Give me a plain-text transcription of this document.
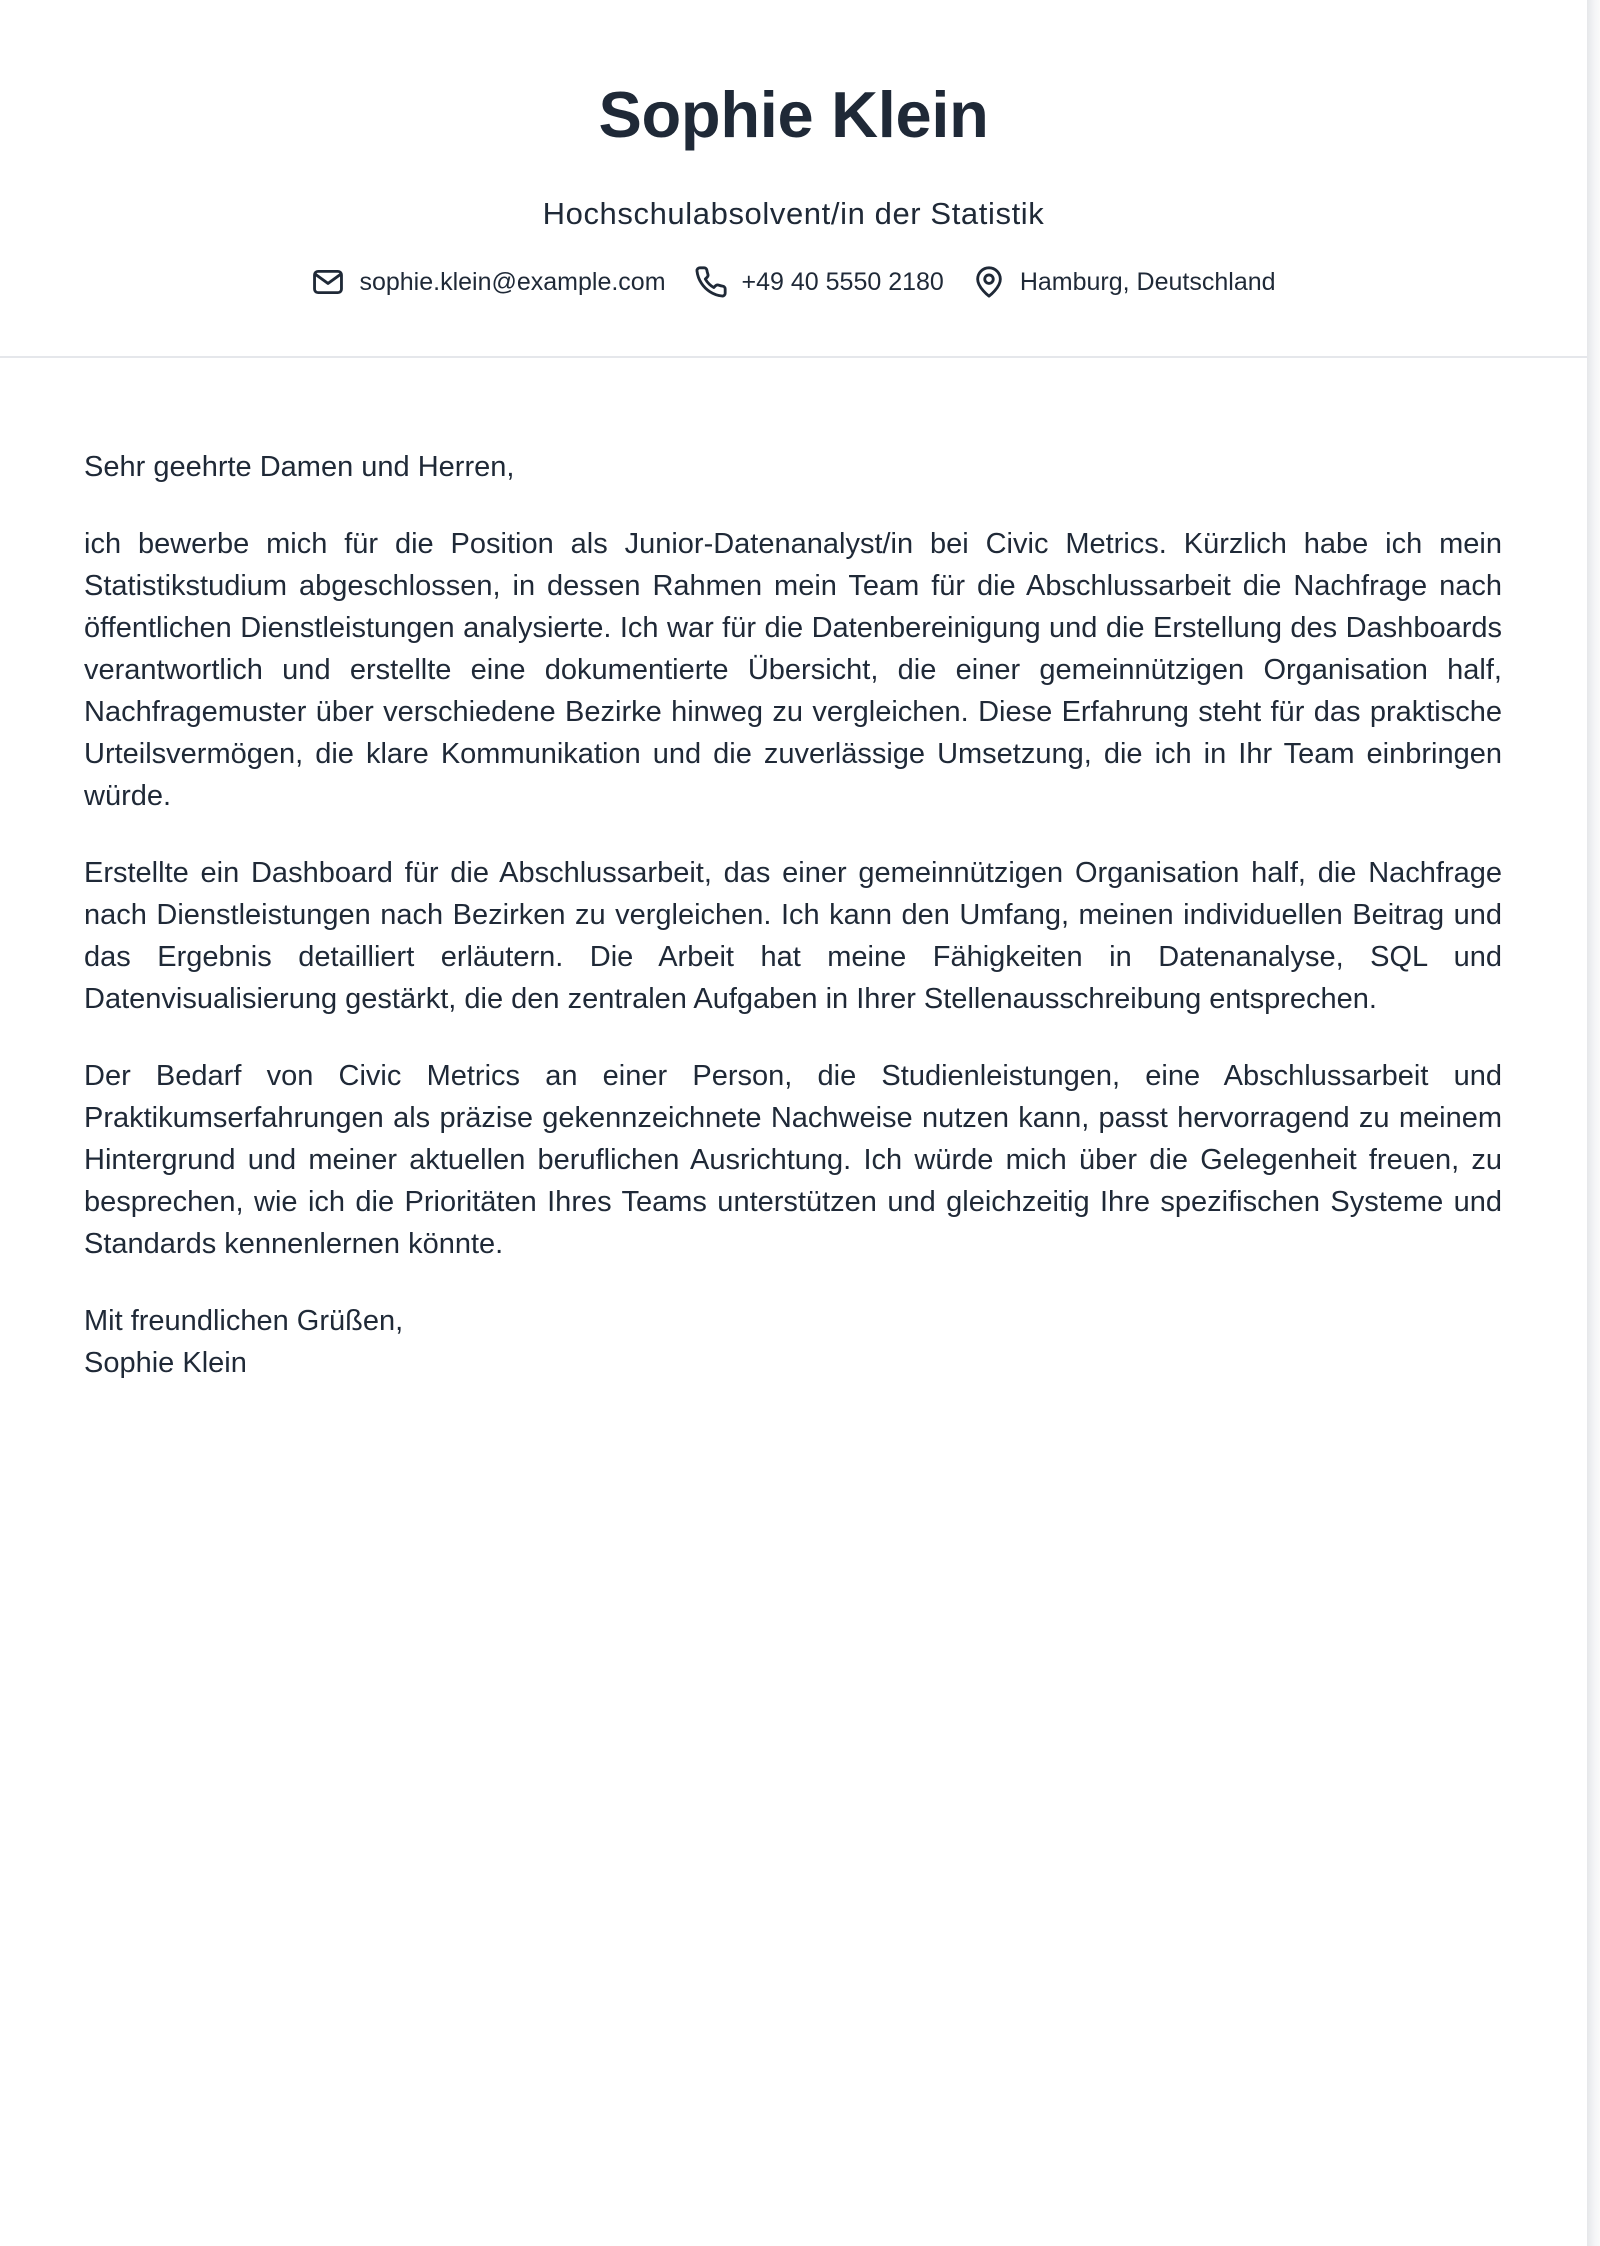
Sophie Klein
Hochschulabsolvent/in der Statistik
sophie.klein@example.com	+49 40 5550 2180	Hamburg, Deutschland

Sehr geehrte Damen und Herren,

ich bewerbe mich für die Position als Junior-Datenanalyst/in bei Civic Metrics. Kürzlich habe ich mein Statistikstudium abgeschlossen, in dessen Rahmen mein Team für die Abschlussarbeit die Nachfrage nach öffentlichen Dienstleistungen analysierte. Ich war für die Datenbereinigung und die Erstellung des Dashboards verantwortlich und erstellte eine dokumentierte Übersicht, die einer gemeinnützigen Organisation half, Nachfragemuster über verschiedene Bezirke hinweg zu vergleichen. Diese Erfahrung steht für das praktische Urteilsvermögen, die klare Kommunikation und die zuverlässige Umsetzung, die ich in Ihr Team einbringen würde.

Erstellte ein Dashboard für die Abschlussarbeit, das einer gemeinnützigen Organisation half, die Nachfrage nach Dienstleistungen nach Bezirken zu vergleichen. Ich kann den Umfang, meinen individuellen Beitrag und das Ergebnis detailliert erläutern. Die Arbeit hat meine Fähigkeiten in Datenanalyse, SQL und Datenvisualisierung gestärkt, die den zentralen Aufgaben in Ihrer Stellenausschreibung entsprechen.

Der Bedarf von Civic Metrics an einer Person, die Studienleistungen, eine Abschlussarbeit und Praktikumserfahrungen als präzise gekennzeichnete Nachweise nutzen kann, passt hervorragend zu meinem Hintergrund und meiner aktuellen beruflichen Ausrichtung. Ich würde mich über die Gelegenheit freuen, zu besprechen, wie ich die Prioritäten Ihres Teams unterstützen und gleichzeitig Ihre spezifischen Systeme und Standards kennenlernen könnte.

Mit freundlichen Grüßen,
Sophie Klein
